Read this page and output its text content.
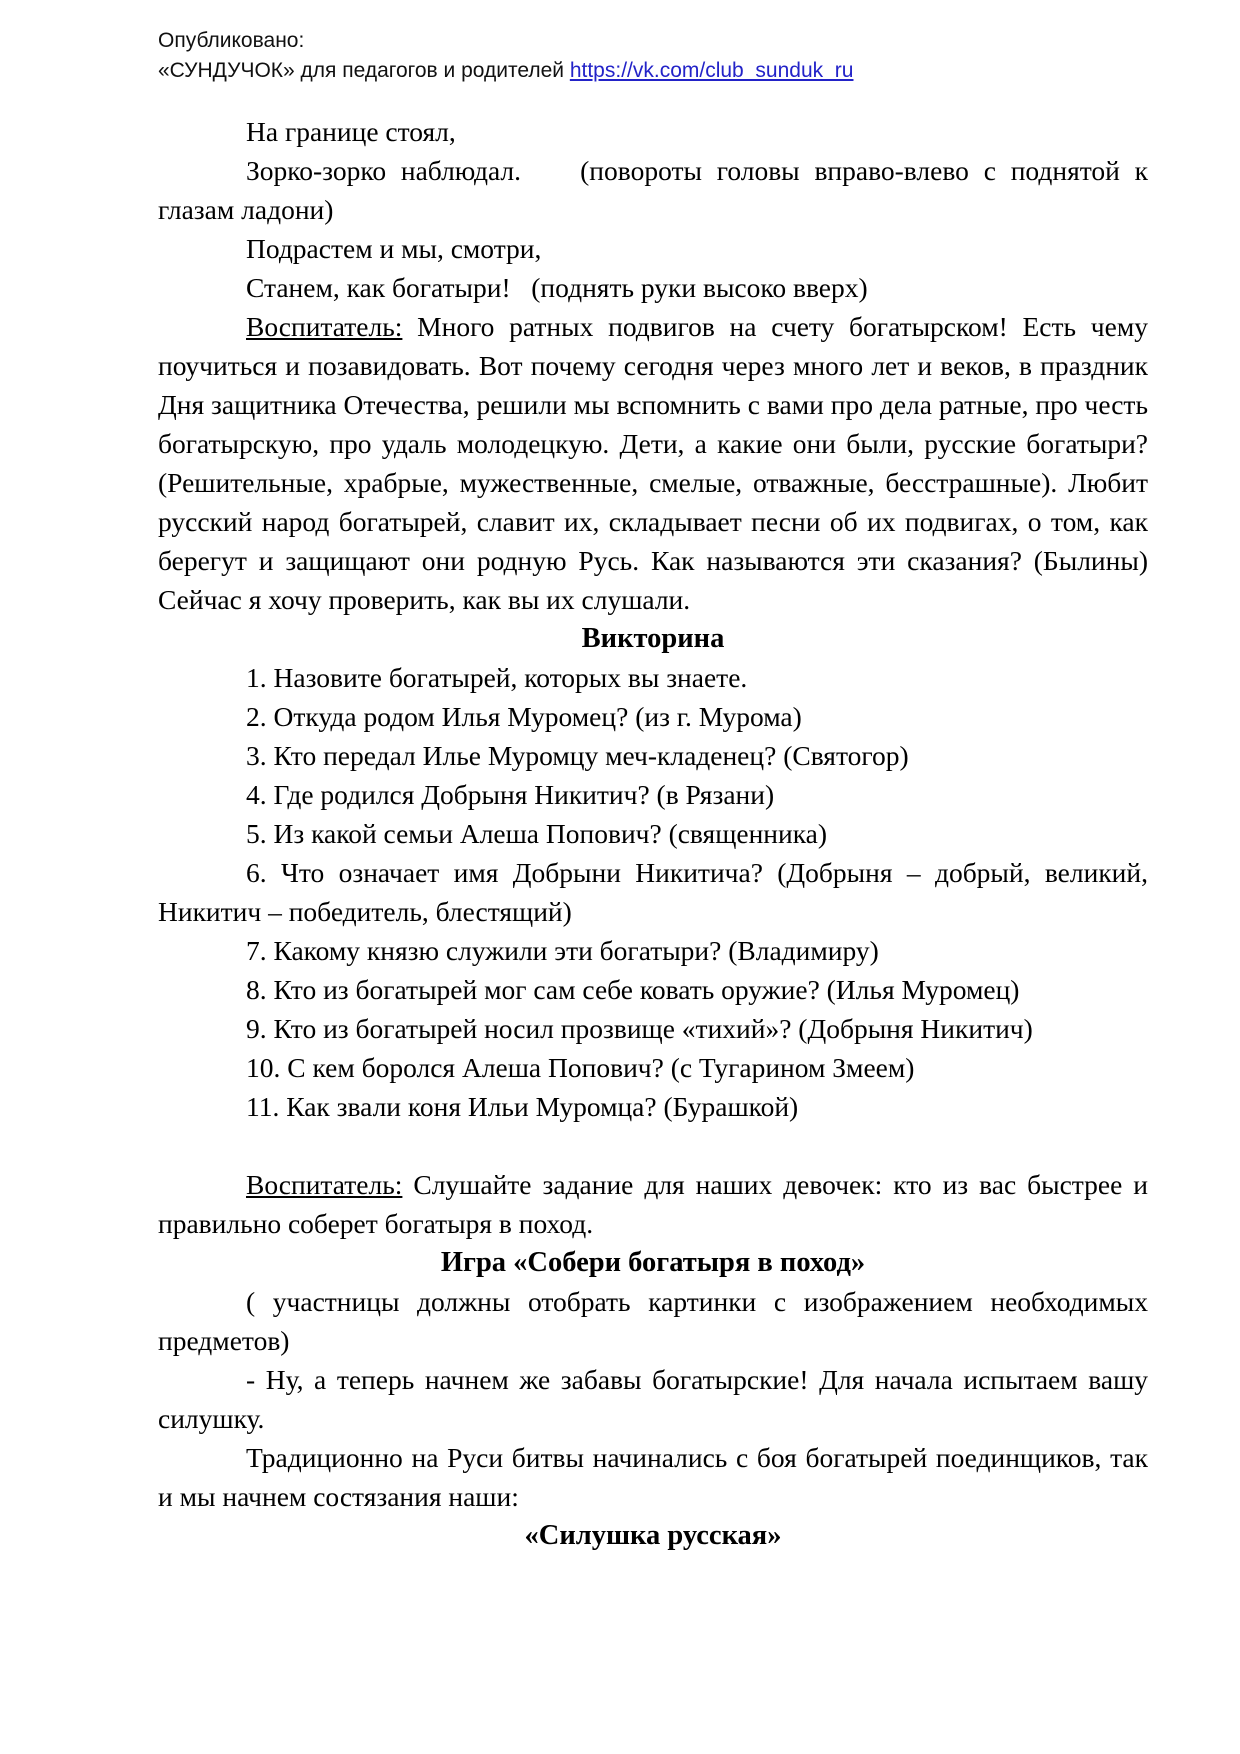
Опубликовано:
«СУНДУЧОК» для педагогов и родителей https://vk.com/club_sunduk_ru

На границе стоял,

Зорко-зорко наблюдал.    (повороты головы вправо-влево с поднятой к глазам ладони)

Подрастем и мы, смотри,

Станем, как богатыри!   (поднять руки высоко вверх)

Воспитатель: Много ратных подвигов на счету богатырском! Есть чему поучиться и позавидовать. Вот почему сегодня через много лет и веков, в праздник Дня защитника Отечества, решили мы вспомнить с вами про дела ратные, про честь богатырскую, про удаль молодецкую. Дети, а какие они были, русские богатыри? (Решительные, храбрые, мужественные, смелые, отважные, бесстрашные). Любит русский народ богатырей, славит их, складывает песни об их подвигах, о том, как берегут и защищают они родную Русь. Как называются эти сказания? (Былины) Сейчас я хочу проверить, как вы их слушали.

Викторина

1. Назовите богатырей, которых вы знаете.

2. Откуда родом Илья Муромец? (из г. Мурома)

3. Кто передал Илье Муромцу меч-кладенец? (Святогор)

4. Где родился Добрыня Никитич? (в Рязани)

5. Из какой семьи Алеша Попович? (священника)

6. Что означает имя Добрыни Никитича? (Добрыня – добрый, великий, Никитич – победитель, блестящий)

7. Какому князю служили эти богатыри? (Владимиру)

8. Кто из богатырей мог сам себе ковать оружие? (Илья Муромец)

9. Кто из богатырей носил прозвище «тихий»? (Добрыня Никитич)

10. С кем боролся Алеша Попович? (с Тугарином Змеем)

11. Как звали коня Ильи Муромца? (Бурашкой)

Воспитатель: Слушайте задание для наших девочек: кто из вас быстрее и правильно соберет богатыря в поход.

Игра «Собери богатыря в поход»

( участницы должны отобрать картинки с изображением необходимых предметов)

- Ну, а теперь начнем же забавы богатырские! Для начала испытаем вашу силушку.

Традиционно на Руси битвы начинались с боя богатырей поединщиков, так и мы начнем состязания наши:

«Силушка русская»
